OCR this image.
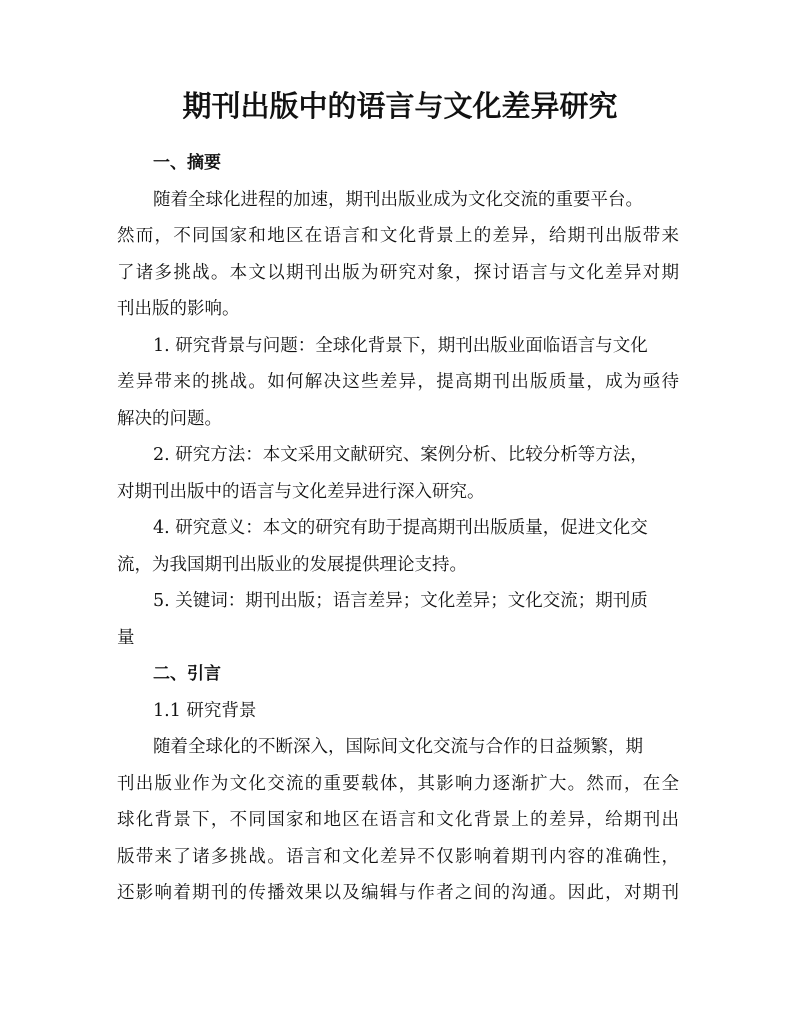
期刊出版中的语言与文化差异研究
一、摘要
随着全球化进程的加速，期刊出版业成为文化交流的重要平台。
然而，不同国家和地区在语言和文化背景上的差异，给期刊出版带来
了诸多挑战。本文以期刊出版为研究对象，探讨语言与文化差异对期
刊出版的影响。
1. 研究背景与问题：全球化背景下，期刊出版业面临语言与文化
差异带来的挑战。如何解决这些差异，提高期刊出版质量，成为亟待
解决的问题。
2. 研究方法：本文采用文献研究、案例分析、比较分析等方法，
对期刊出版中的语言与文化差异进行深入研究。
4. 研究意义：本文的研究有助于提高期刊出版质量，促进文化交
流，为我国期刊出版业的发展提供理论支持。
5. 关键词：期刊出版；语言差异；文化差异；文化交流；期刊质
量
二、引言
1.1 研究背景
随着全球化的不断深入，国际间文化交流与合作的日益频繁，期
刊出版业作为文化交流的重要载体，其影响力逐渐扩大。然而，在全
球化背景下，不同国家和地区在语言和文化背景上的差异，给期刊出
版带来了诸多挑战。语言和文化差异不仅影响着期刊内容的准确性，
还影响着期刊的传播效果以及编辑与作者之间的沟通。因此，对期刊
